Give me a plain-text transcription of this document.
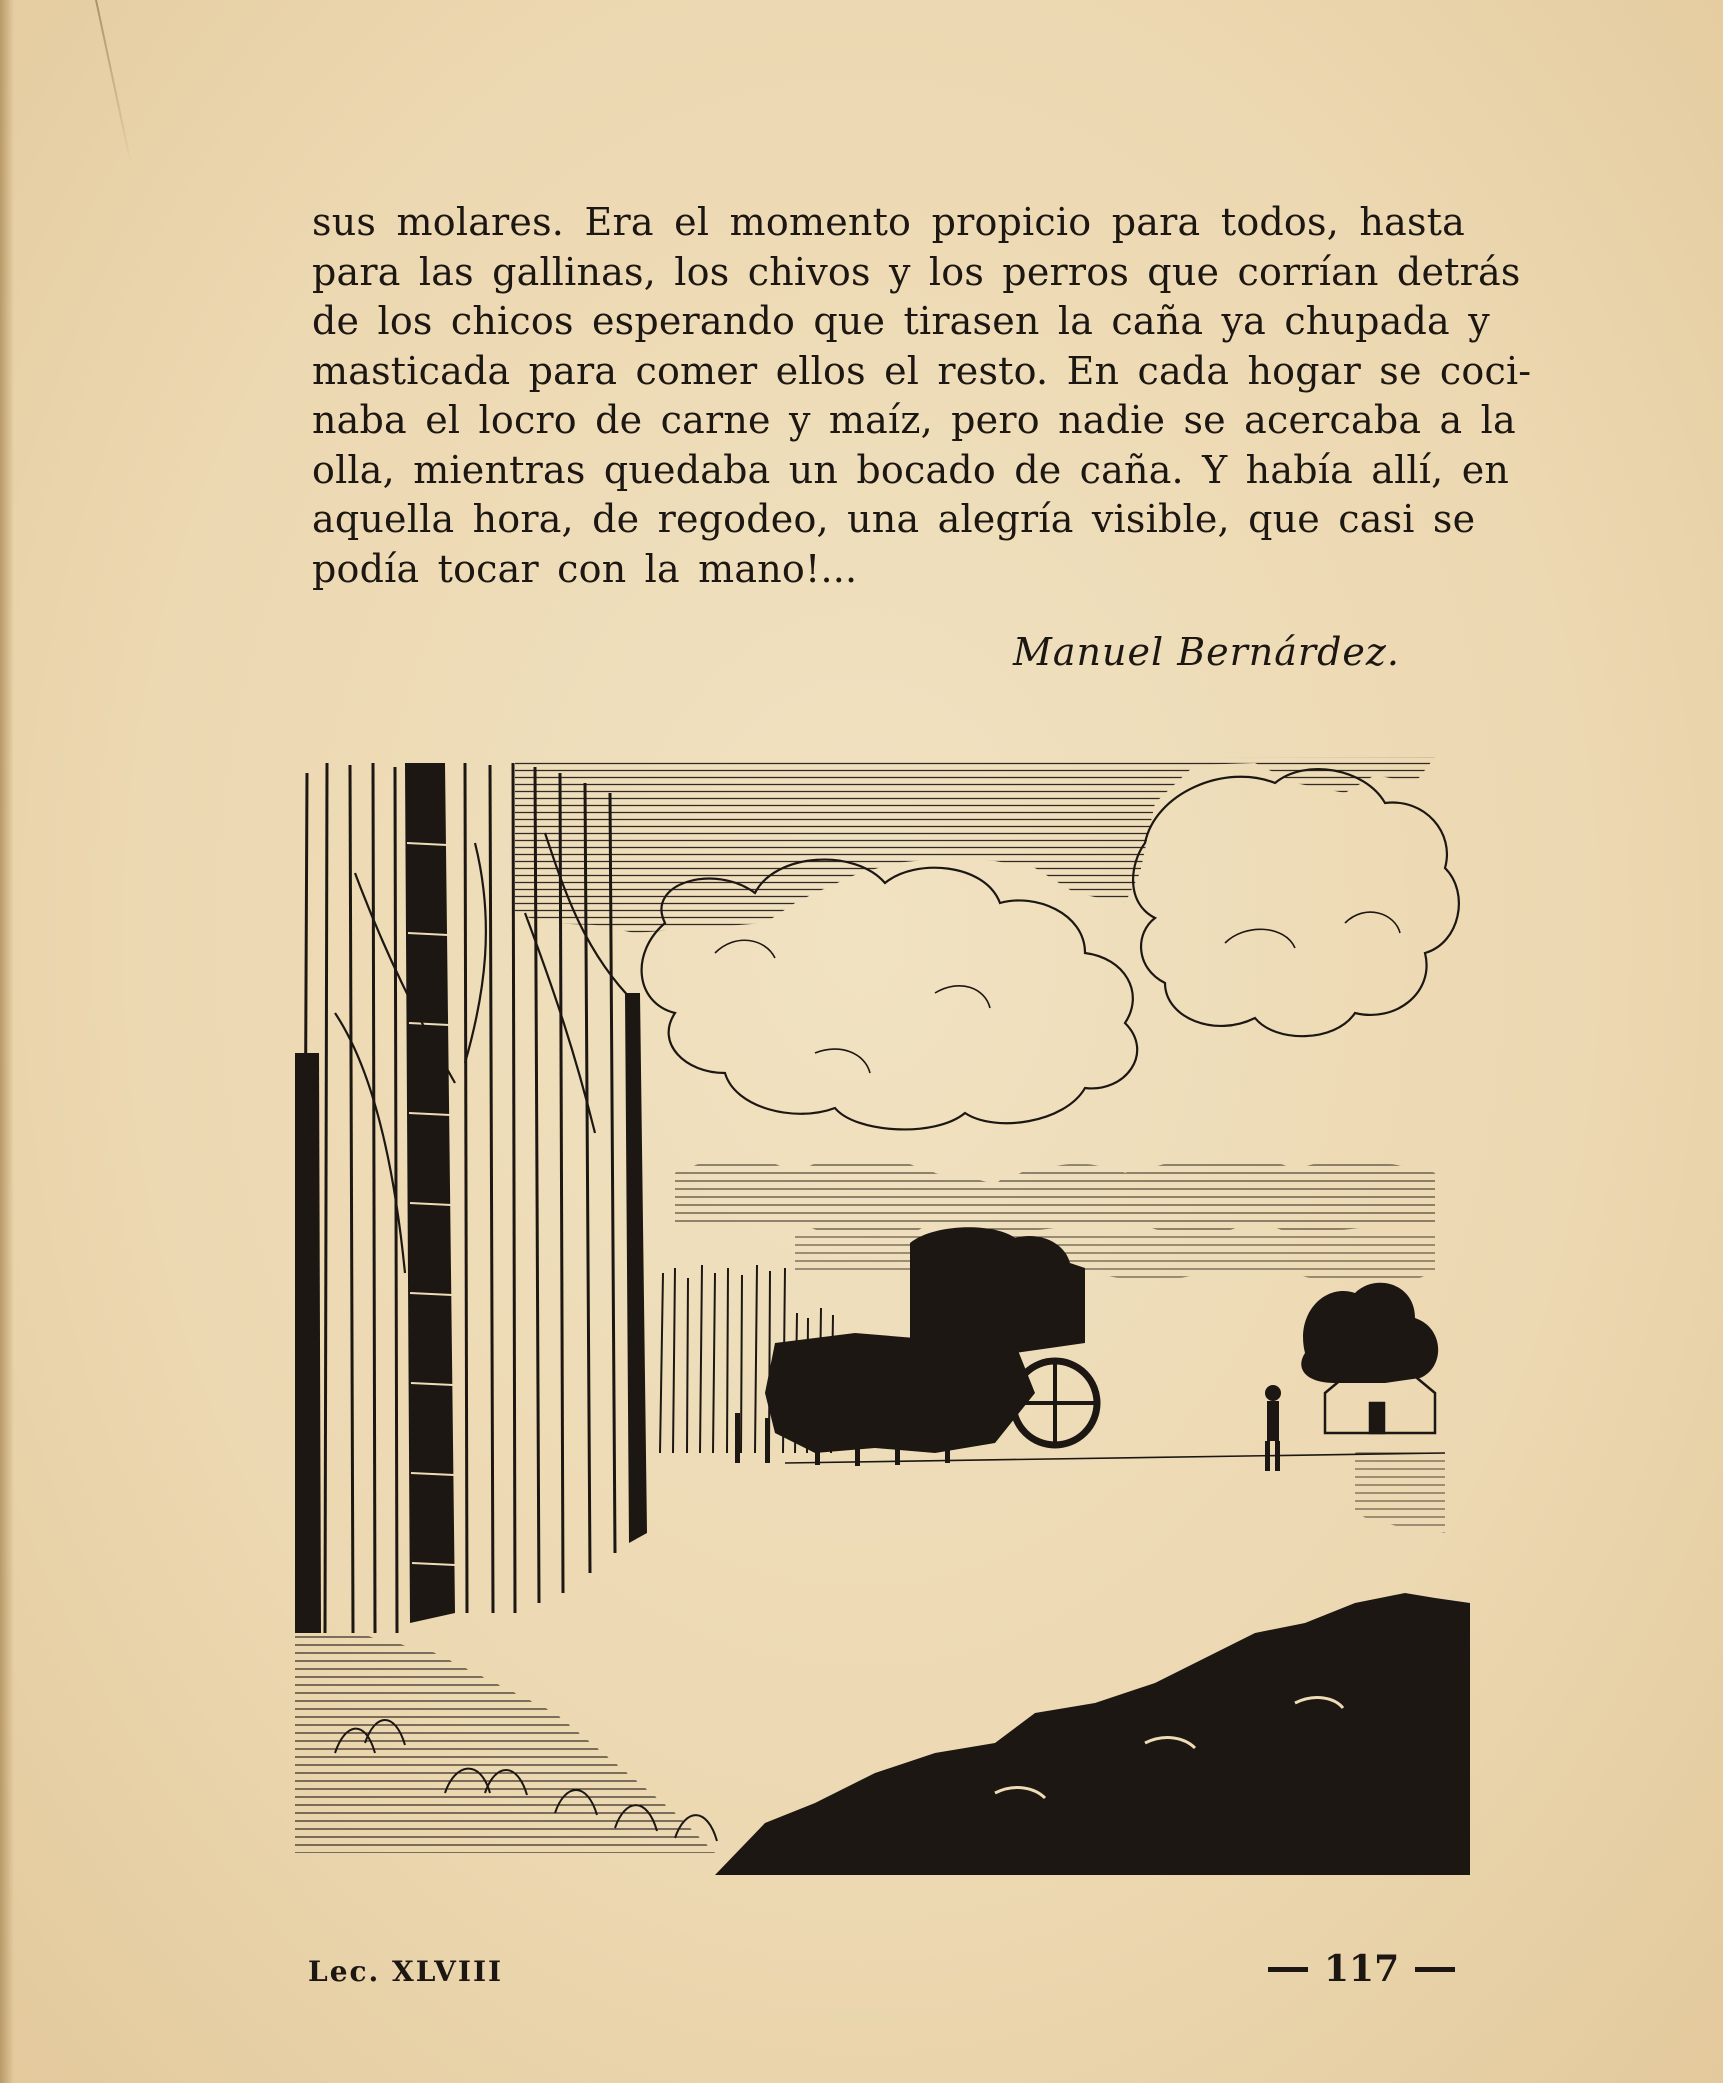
sus molares. Era el momento propicio para todos, hasta
para las gallinas, los chivos y los perros que corrían detrás
de los chicos esperando que tirasen la caña ya chupada y
masticada para comer ellos el resto. En cada hogar se coci-
naba el locro de carne y maíz, pero nadie se acercaba a la
olla, mientras quedaba un bocado de caña. Y había allí, en
aquella hora, de regodeo, una alegría visible, que casi se
podía tocar con la mano!...
Manuel Bernárdez.
Lec. XLVIII	117
